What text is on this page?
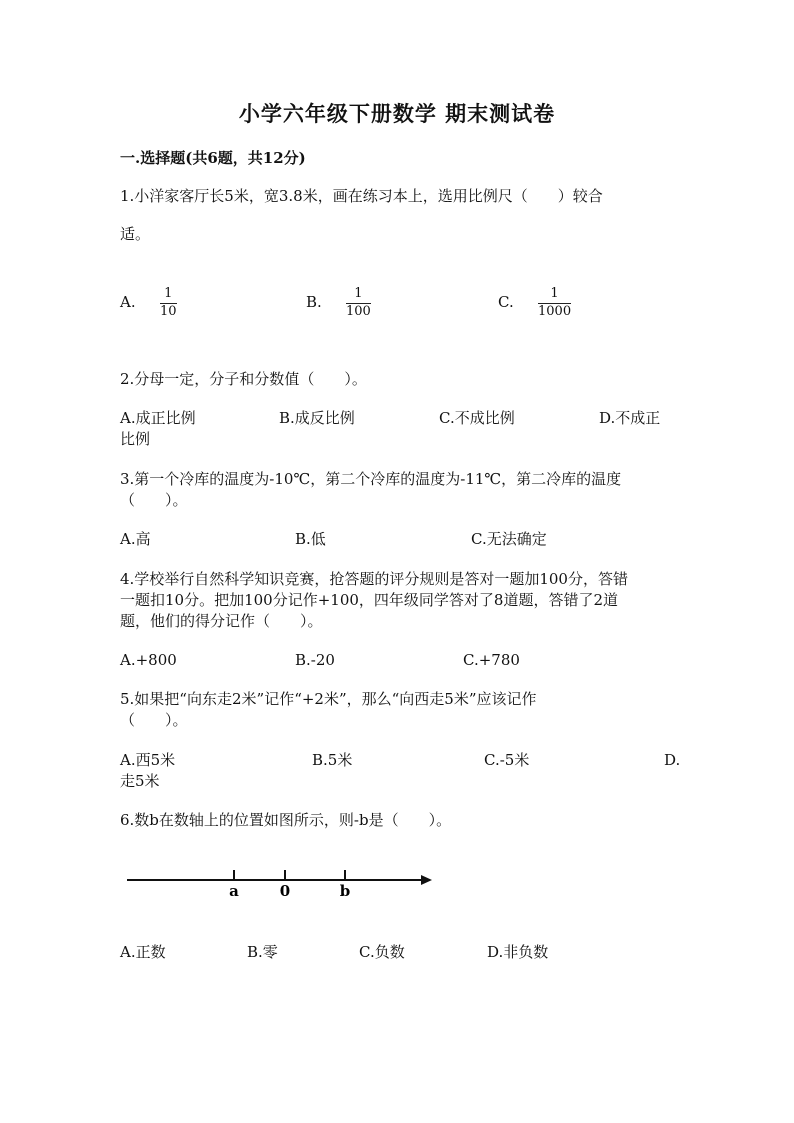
小学六年级下册数学 期末测试卷
一.选择题(共6题，共12分)
1.小洋家客厅长5米，宽3.8米，画在练习本上，选用比例尺（　　）较合
适。
A. 1
10
B. 1
100
C.	1
1000
2.分母一定，分子和分数值（　　）。
A.成正比例	B.成反比例	C.不成比例	D.不成正
比例
3.第一个冷库的温度为-10℃，第二个冷库的温度为-11℃，第二冷库的温度
（　　）。
A.高	B.低	C.无法确定
4.学校举行自然科学知识竞赛，抢答题的评分规则是答对一题加100分，答错
一题扣10分。把加100分记作+100，四年级同学答对了8道题，答错了2道
题，他们的得分记作（　　）。
A.+800	B.-20	C.+780
5.如果把“向东走2米”记作“+2米”，那么“向西走5米”应该记作
（　　）。
A.西5米	B.5米	C.-5米	D.
走5米
6.数b在数轴上的位置如图所示，则-b是（　　）。
a	0	b
A.正数	B.零	C.负数	D.非负数
